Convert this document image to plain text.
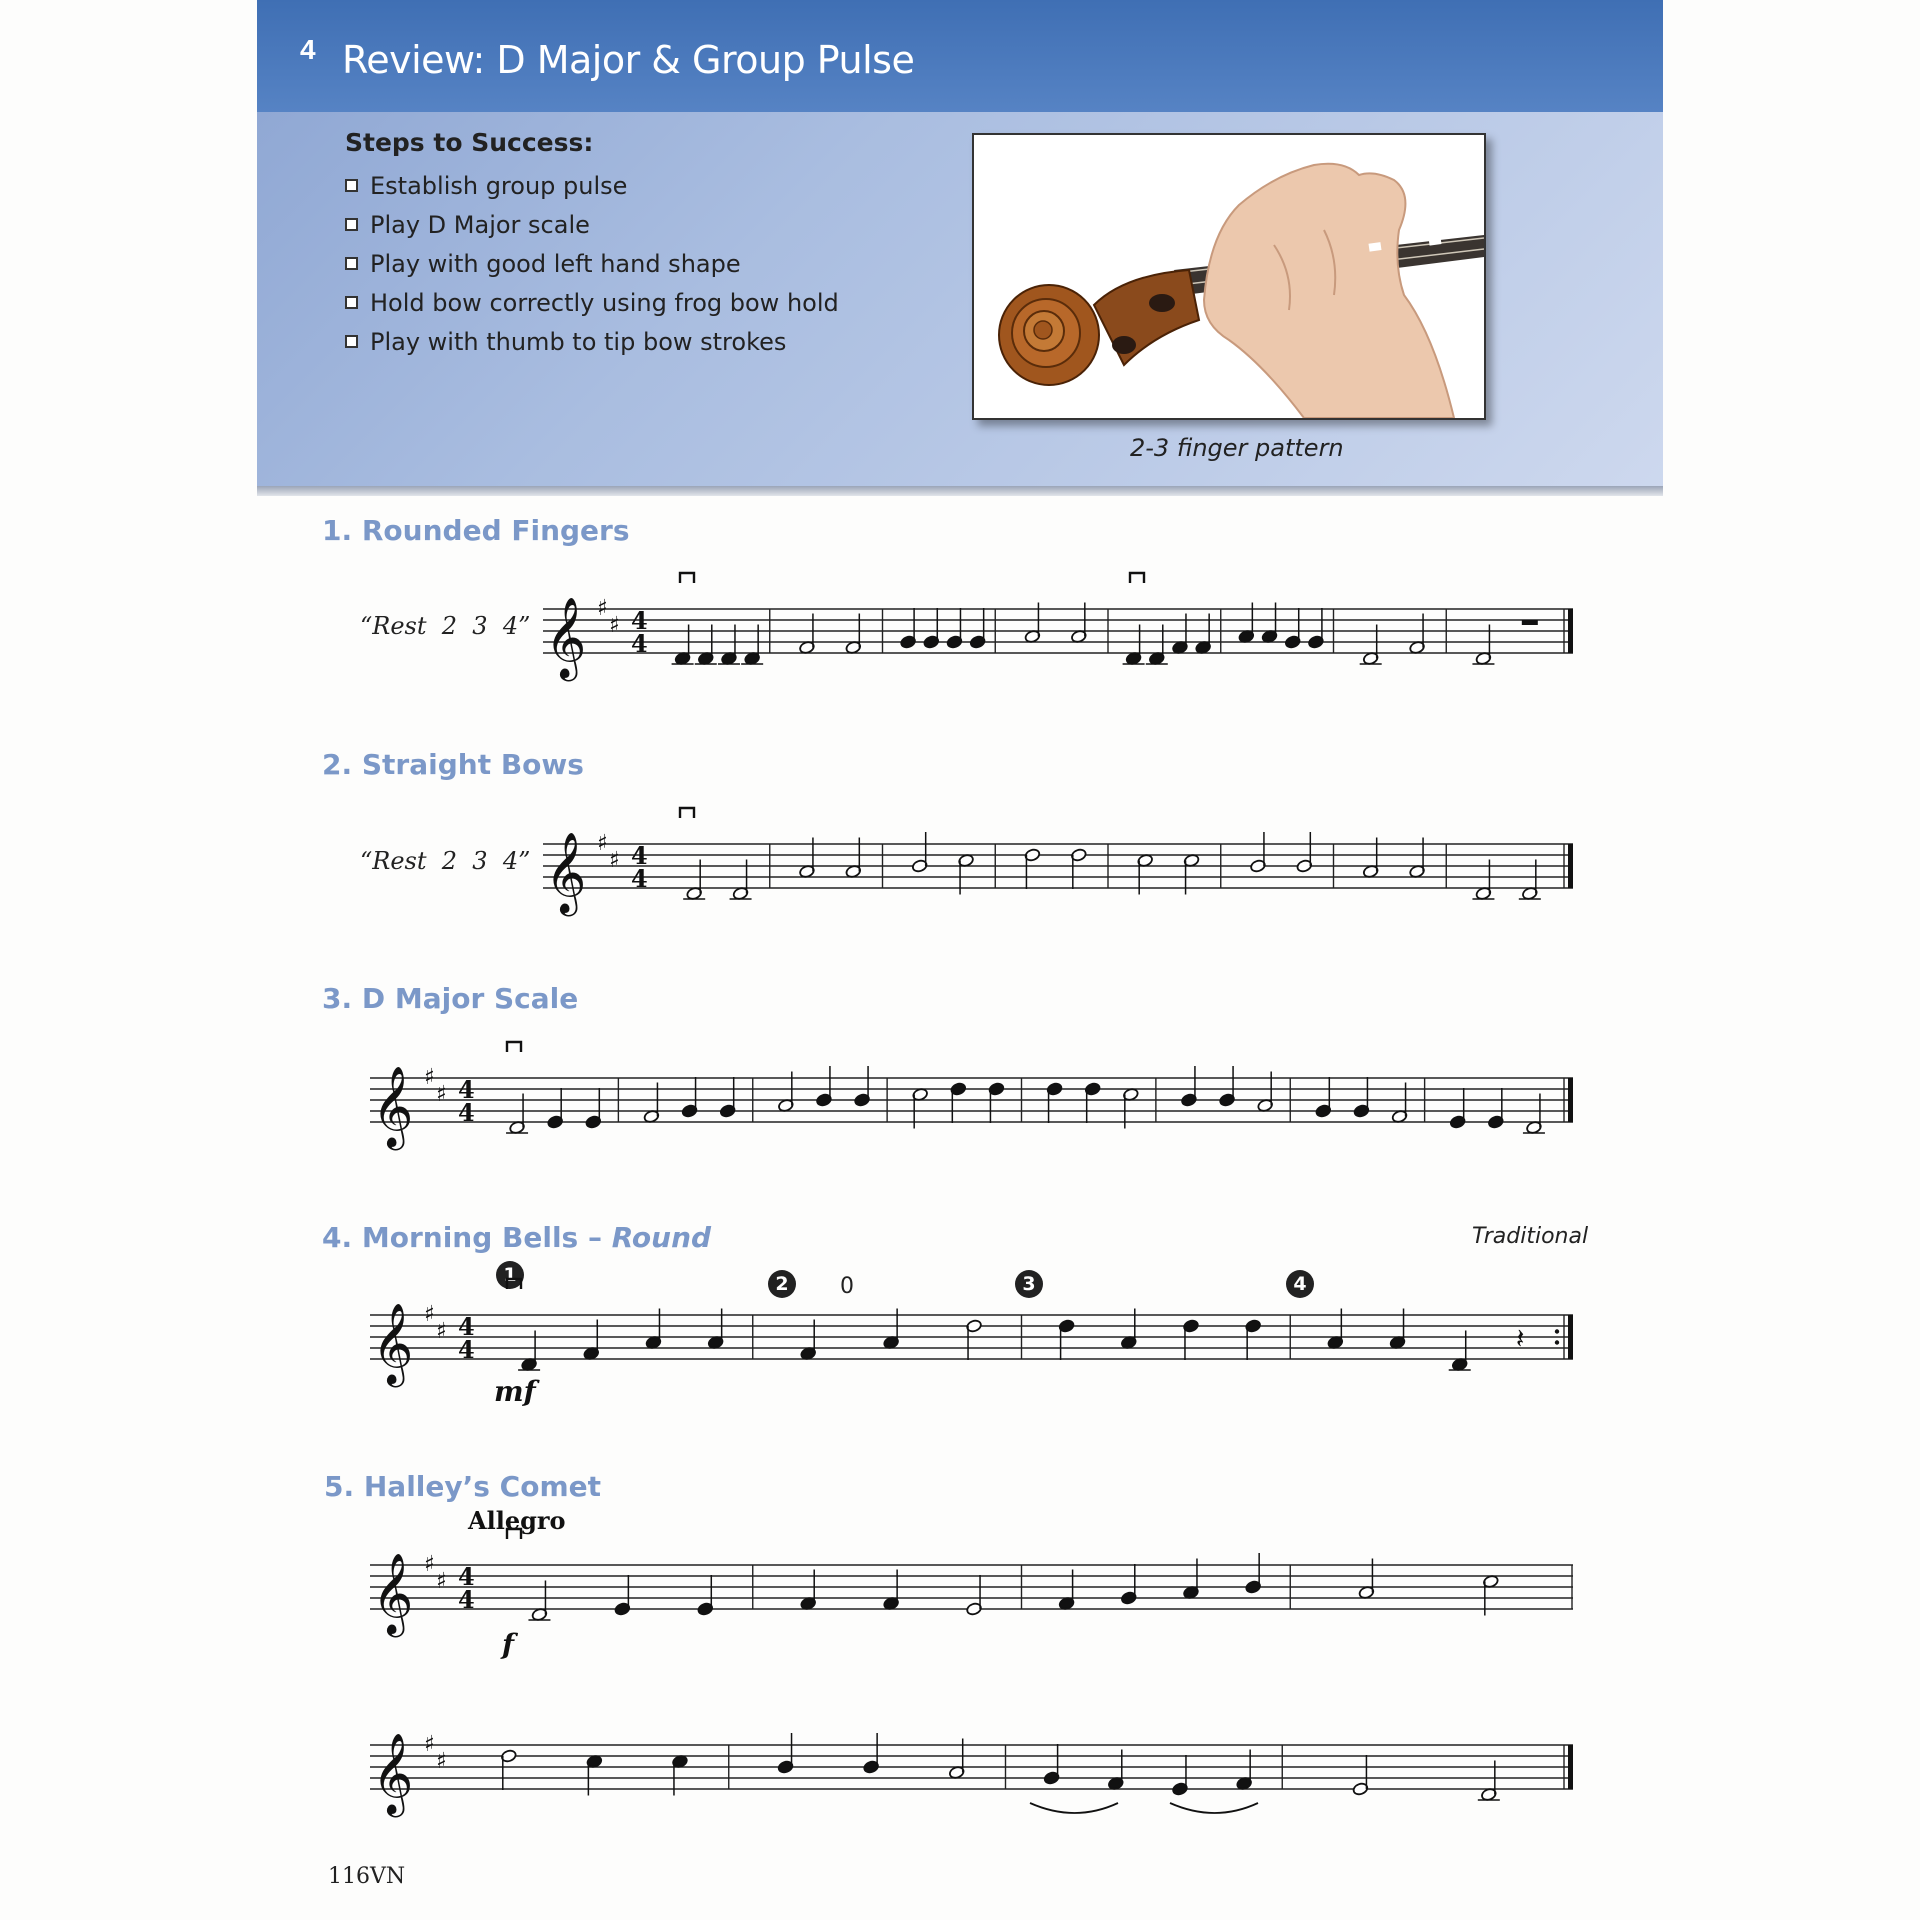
4 Review: D Major & Group Pulse
Steps to Success:
Establish group pulse
Play D Major scale
Play with good left hand shape
Hold bow correctly using frog bow hold
Play with thumb to tip bow strokes
2-3 finger pattern
1. Rounded Fingers
“Rest  2  3  4” 𝄞 ♯
♯ 4
4
2. Straight Bows
“Rest  2  3  4” 𝄞 ♯
♯ 4
4
3. D Major Scale
𝄞 ♯
♯ 4
4
4. Morning Bells – Round	Traditional
1	2	0	3	4
𝄞 ♯
♯ 4
4	𝄽
mf
5. Halley’s Comet
Allegro
𝄞 ♯
♯ 4
4
f
𝄞 ♯
♯
116VN
